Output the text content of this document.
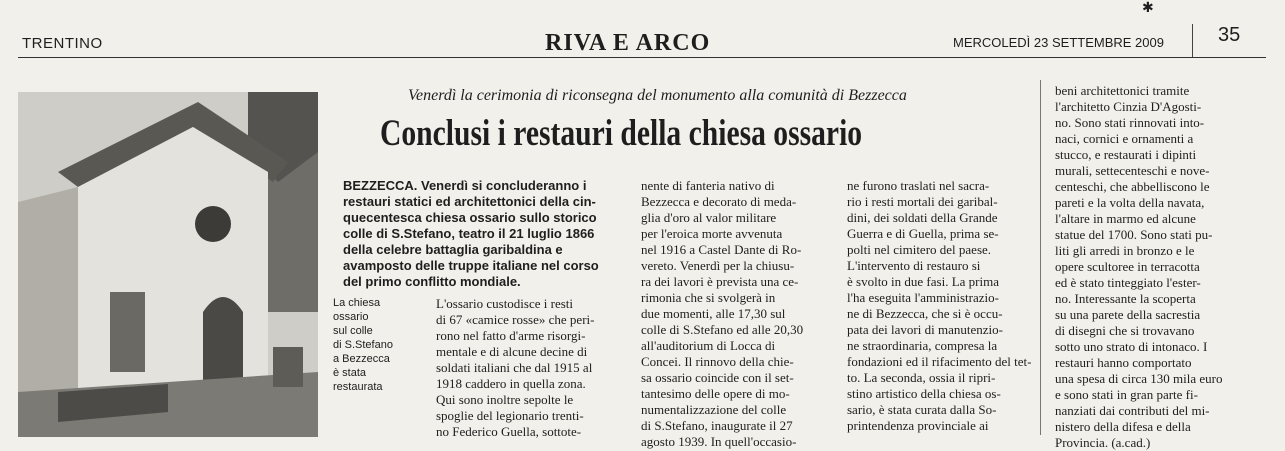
✱
TRENTINO	RIVA E ARCO	MERCOLEDÌ 23 SETTEMBRE 2009	35
Venerdì la cerimonia di riconsegna del monumento alla comunità di Bezzecca
Conclusi i restauri della chiesa ossario

BEZZECCA. Venerdì si concluderanno i

restauri statici ed architettonici della cin-

quecentesca chiesa ossario sullo storico

colle di S.Stefano, teatro il 21 luglio 1866

della celebre battaglia garibaldina e

avamposto delle truppe italiane nel corso

del primo conflitto mondiale.

La chiesa

ossario

sul colle

di S.Stefano

a Bezzecca

è stata

restaurata

L'ossario custodisce i resti

di 67 «camice rosse» che peri-

rono nel fatto d'arme risorgi-

mentale e di alcune decine di

soldati italiani che dal 1915 al

1918 caddero in quella zona.

Qui sono inoltre sepolte le

spoglie del legionario trenti-

no Federico Guella, sottote-

nente di fanteria nativo di

Bezzecca e decorato di meda-

glia d'oro al valor militare

per l'eroica morte avvenuta

nel 1916 a Castel Dante di Ro-

vereto. Venerdì per la chiusu-

ra dei lavori è prevista una ce-

rimonia che si svolgerà in

due momenti, alle 17,30 sul

colle di S.Stefano ed alle 20,30

all'auditorium di Locca di

Concei. Il rinnovo della chie-

sa ossario coincide con il set-

tantesimo delle opere di mo-

numentalizzazione del colle

di S.Stefano, inaugurate il 27

agosto 1939. In quell'occasio-

ne furono traslati nel sacra-

rio i resti mortali dei garibal-

dini, dei soldati della Grande

Guerra e di Guella, prima se-

polti nel cimitero del paese.

L'intervento di restauro si

è svolto in due fasi. La prima

l'ha eseguita l'amministrazio-

ne di Bezzecca, che si è occu-

pata dei lavori di manutenzio-

ne straordinaria, compresa la

fondazioni ed il rifacimento del tet-

to. La seconda, ossia il ripri-

stino artistico della chiesa os-

sario, è stata curata dalla So-

printendenza provinciale ai

beni architettonici tramite

l'architetto Cinzia D'Agosti-

no. Sono stati rinnovati into-

naci, cornici e ornamenti a

stucco, e restaurati i dipinti

murali, settecenteschi e nove-

centeschi, che abbelliscono le

pareti e la volta della navata,

l'altare in marmo ed alcune

statue del 1700. Sono stati pu-

liti gli arredi in bronzo e le

opere scultoree in terracotta

ed è stato tinteggiato l'ester-

no. Interessante la scoperta

su una parete della sacrestia

di disegni che si trovavano

sotto uno strato di intonaco. I

restauri hanno comportato

una spesa di circa 130 mila euro

e sono stati in gran parte fi-

nanziati dai contributi del mi-

nistero della difesa e della

Provincia. (a.cad.)
